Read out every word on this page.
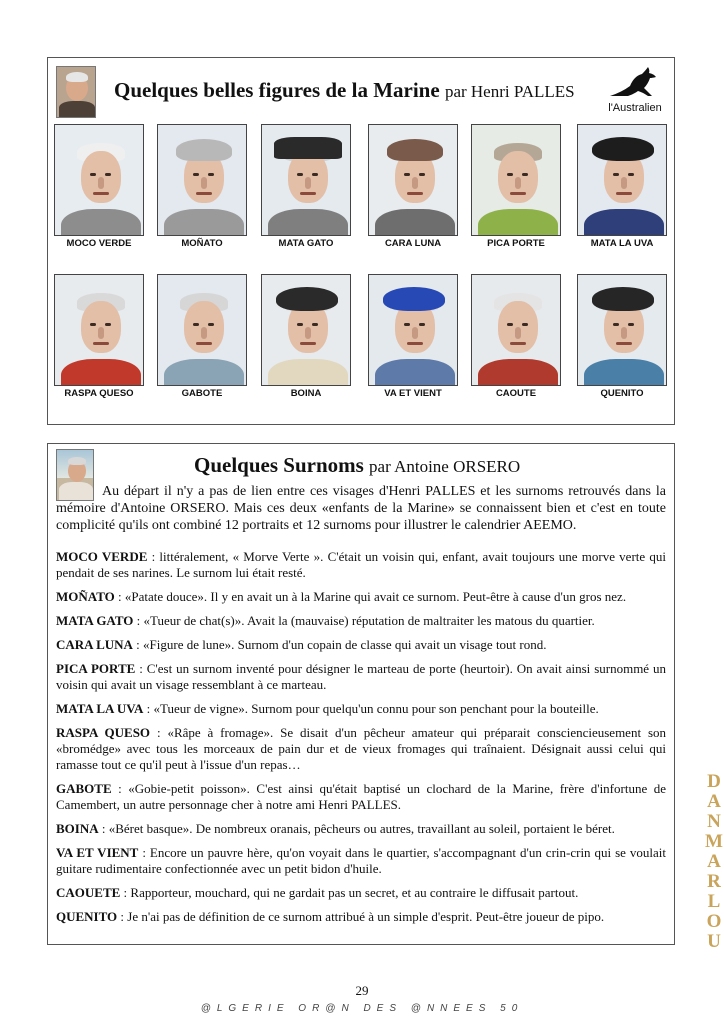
Quelques belles figures de la Marine par Henri PALLES
l'Australien
MOCO VERDE	MOÑATO	MATA GATO	CARA LUNA	PICA PORTE	MATA LA UVA
RASPA QUESO	GABOTE	BOINA	VA ET VIENT	CAOUTE	QUENITO
Quelques Surnoms par Antoine ORSERO

Au départ il n'y a pas de lien entre ces visages d'Henri PALLES et les surnoms retrouvés dans la mémoire d'Antoine ORSERO. Mais ces deux «enfants de la Marine» se connaissent bien et c'est en toute complicité qu'ils ont combiné 12 portraits et 12 surnoms pour illustrer le calendrier AEEMO.

MOCO VERDE : littéralement, « Morve Verte ». C'était un voisin qui, enfant, avait toujours une morve verte qui pendait de ses narines. Le surnom lui était resté.

MOÑATO : «Patate douce». Il y en avait un à la Marine qui avait ce surnom. Peut-être à cause d'un gros nez.

MATA GATO : «Tueur de chat(s)». Avait la (mauvaise) réputation de maltraiter les matous du quartier.

CARA LUNA : «Figure de lune». Surnom d'un copain de classe qui avait un visage tout rond.

PICA PORTE : C'est un surnom inventé pour désigner le marteau de porte (heurtoir). On avait ainsi surnommé un voisin qui avait un visage ressemblant à ce marteau.

MATA LA UVA : «Tueur de vigne». Surnom pour quelqu'un connu pour son penchant pour la bouteille.

RASPA QUESO : «Râpe à fromage». Se disait d'un pêcheur amateur qui préparait consciencieusement son «bromédge» avec tous les morceaux de pain dur et de vieux fromages qui traînaient. Désignait aussi celui qui ramasse tout ce qu'il peut à l'issue d'un repas…

GABOTE : «Gobie-petit poisson». C'est ainsi qu'était baptisé un clochard de la Marine, frère d'infortune de Camembert, un autre personnage cher à notre ami Henri PALLES.

BOINA : «Béret basque». De nombreux oranais, pêcheurs ou autres, travaillant au soleil, portaient le béret.

VA ET VIENT : Encore un pauvre hère, qu'on voyait dans le quartier, s'accompagnant d'un crin-crin qui se voulait guitare rudimentaire confectionnée avec un petit bidon d'huile.

CAOUETE : Rapporteur, mouchard, qui ne gardait pas un secret, et au contraire le diffusait partout.

QUENITO : Je n'ai pas de définition de ce surnom attribué à un simple d'esprit. Peut-être joueur de pipo.

29
@LGERIE OR@N DES @NNEES 50
D
A
N
M
A
R
L
O
U
